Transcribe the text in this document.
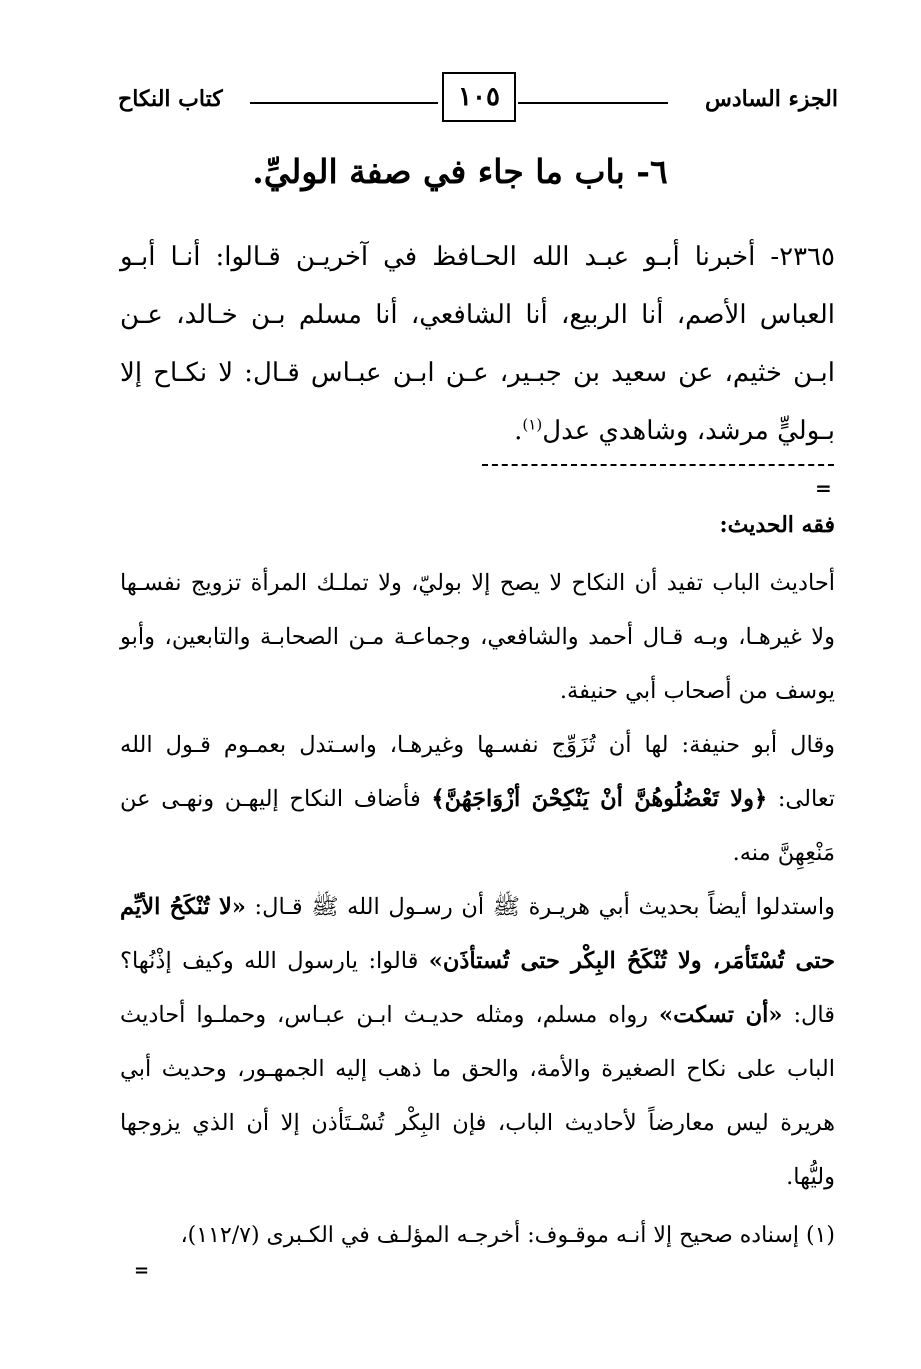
الجزء السادس
١٠٥
كتاب النكاح
٦- باب ما جاء في صفة الوليِّ.

٢٣٦٥- أخبرنا أبـو عبـد الله الحـافظ في آخريـن قـالوا: أنـا أبـو العباس الأصم، أنا الربيع، أنا الشافعي، أنا مسلم بـن خـالد، عـن ابـن خثيم، عن سعيد بن جبـير، عـن ابـن عبـاس قـال: لا نكـاح إلا بـوليٍّ مرشد، وشاهدي عدل$^{(١)}$.

=
فقه الحديث:

أحاديث الباب تفيد أن النكاح لا يصح إلا بوليّ، ولا تملـك المرأة تزويج نفسـها ولا غيرهـا، وبـه قـال أحمد والشافعي، وجماعـة مـن الصحابـة والتابعين، وأبو يوسف من أصحاب أبي حنيفة.

وقال أبو حنيفة: لها أن تُزَوِّج نفسـها وغيرهـا، واسـتدل بعمـوم قـول الله تعالى: ﴿ولا تَعْضُلُوهُنَّ أنْ يَنْكِحْنَ أزْوَاجَهُنَّ﴾ فأضاف النكاح إليهـن ونهـى عن مَنْعِهِنَّ منه.

واستدلوا أيضاً بحديث أبي هريـرة ﷺ أن رسـول الله ﷺ قـال: «لا تُنْكَحُ الأيِّم حتى تُسْتَأمَر، ولا تُنْكَحُ البِكْر حتى تُستأذَن» قالوا: يارسول الله وكيف إذْنُها؟ قال: «أن تسكت» رواه مسلم، ومثله حديـث ابـن عبـاس، وحملـوا أحاديث الباب على نكاح الصغيرة والأمة، والحق ما ذهب إليه الجمهـور، وحديث أبي هريرة ليس معارضاً لأحاديث الباب، فإن البِكْر تُسْـتَأذن إلا أن الذي يزوجها وليُّها.

(١) إسناده صحيح إلا أنـه موقـوف: أخرجـه المؤلـف في الكـبرى (١١٢/٧)،
=
